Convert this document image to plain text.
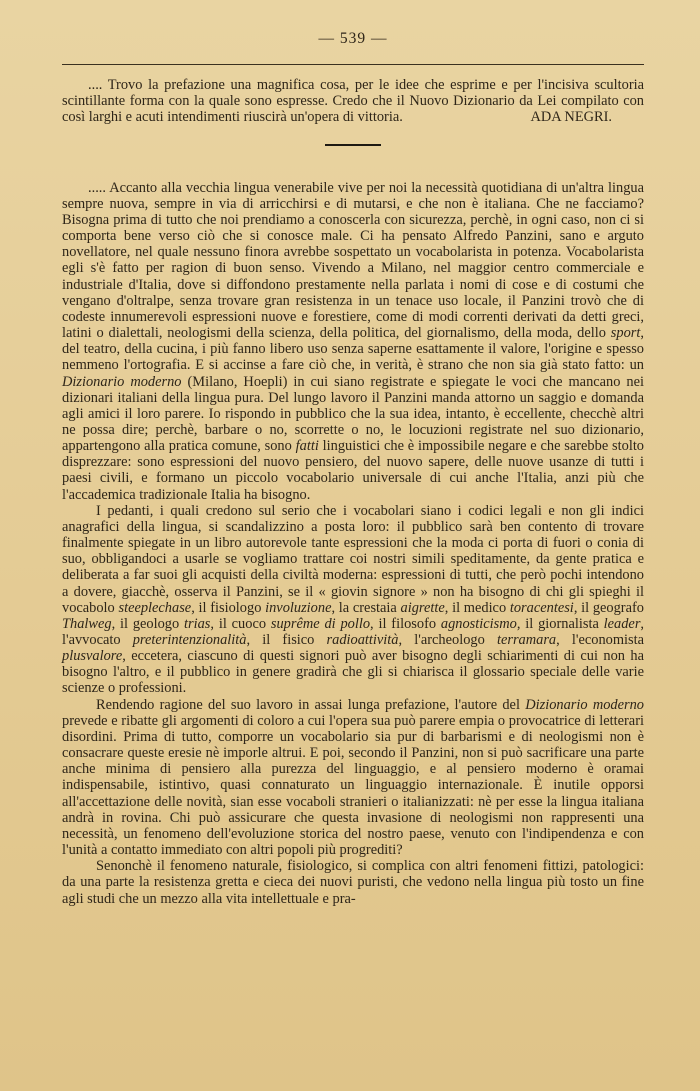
— 539 —

.... Trovo la prefazione una magnifica cosa, per le idee che esprime e per l'incisiva scultoria scintillante forma con la quale sono espresse. Credo che il Nuovo Dizionario da Lei compilato con così larghi e acuti intendimenti riuscirà un'opera di vittoria.	ADA NEGRI.

..... Accanto alla vecchia lingua venerabile vive per noi la necessità quotidiana di un'altra lingua sempre nuova, sempre in via di arricchirsi e di mutarsi, e che non è italiana. Che ne facciamo? Bisogna prima di tutto che noi prendiamo a conoscerla con sicurezza, perchè, in ogni caso, non ci si comporta bene verso ciò che si conosce male. Ci ha pensato Alfredo Panzini, sano e arguto novellatore, nel quale nessuno finora avrebbe sospettato un vocabolarista in potenza. Vocabolarista egli s'è fatto per ragion di buon senso. Vivendo a Milano, nel maggior centro commerciale e industriale d'Italia, dove si diffondono prestamente nella parlata i nomi di cose e di costumi che vengano d'oltralpe, senza trovare gran resistenza in un tenace uso locale, il Panzini trovò che di codeste innumerevoli espressioni nuove e forestiere, come di modi correnti derivati da detti greci, latini o dialettali, neologismi della scienza, della politica, del giornalismo, della moda, dello sport, del teatro, della cucina, i più fanno libero uso senza saperne esattamente il valore, l'origine e spesso nemmeno l'ortografia. E si accinse a fare ciò che, in verità, è strano che non sia già stato fatto: un Dizionario moderno (Milano, Hoepli) in cui siano registrate e spiegate le voci che mancano nei dizionari italiani della lingua pura. Del lungo lavoro il Panzini manda attorno un saggio e domanda agli amici il loro parere. Io rispondo in pubblico che la sua idea, intanto, è eccellente, checchè altri ne possa dire; perchè, barbare o no, scorrette o no, le locuzioni registrate nel suo dizionario, appartengono alla pratica comune, sono fatti linguistici che è impossibile negare e che sarebbe stolto disprezzare: sono espressioni del nuovo pensiero, del nuovo sapere, delle nuove usanze di tutti i paesi civili, e formano un piccolo vocabolario universale di cui anche l'Italia, anzi più che l'accademica tradizionale Italia ha bisogno.

I pedanti, i quali credono sul serio che i vocabolari siano i codici legali e non gli indici anagrafici della lingua, si scandalizzino a posta loro: il pubblico sarà ben contento di trovare finalmente spiegate in un libro autorevole tante espressioni che la moda ci porta di fuori o conia di suo, obbligandoci a usarle se vogliamo trattare coi nostri simili speditamente, da gente pratica e deliberata a far suoi gli acquisti della civiltà moderna: espressioni di tutti, che però pochi intendono a dovere, giacchè, osserva il Panzini, se il « giovin signore » non ha bisogno di chi gli spieghi il vocabolo steeplechase, il fisiologo involuzione, la crestaia aigrette, il medico toracentesi, il geografo Thalweg, il geologo trias, il cuoco suprême di pollo, il filosofo agnosticismo, il giornalista leader, l'avvocato preterintenzionalità, il fisico radioattività, l'archeologo terramara, l'economista plusvalore, eccetera, ciascuno di questi signori può aver bisogno degli schiarimenti di cui non ha bisogno l'altro, e il pubblico in genere gradirà che gli si chiarisca il glossario speciale delle varie scienze o professioni.

Rendendo ragione del suo lavoro in assai lunga prefazione, l'autore del Dizionario moderno prevede e ribatte gli argomenti di coloro a cui l'opera sua può parere empia o provocatrice di letterari disordini. Prima di tutto, comporre un vocabolario sia pur di barbarismi e di neologismi non è consacrare queste eresie nè imporle altrui. E poi, secondo il Panzini, non si può sacrificare una parte anche minima di pensiero alla purezza del linguaggio, e al pensiero moderno è oramai indispensabile, istintivo, quasi connaturato un linguaggio internazionale. È inutile opporsi all'accettazione delle novità, sian esse vocaboli stranieri o italianizzati: nè per esse la lingua italiana andrà in rovina. Chi può assicurare che questa invasione di neologismi non rappresenti una necessità, un fenomeno dell'evoluzione storica del nostro paese, venuto con l'indipendenza e con l'unità a contatto immediato con altri popoli più progrediti?

Senonchè il fenomeno naturale, fisiologico, si complica con altri fenomeni fittizi, patologici: da una parte la resistenza gretta e cieca dei nuovi puristi, che vedono nella lingua più tosto un fine agli studi che un mezzo alla vita intellettuale e pra-
